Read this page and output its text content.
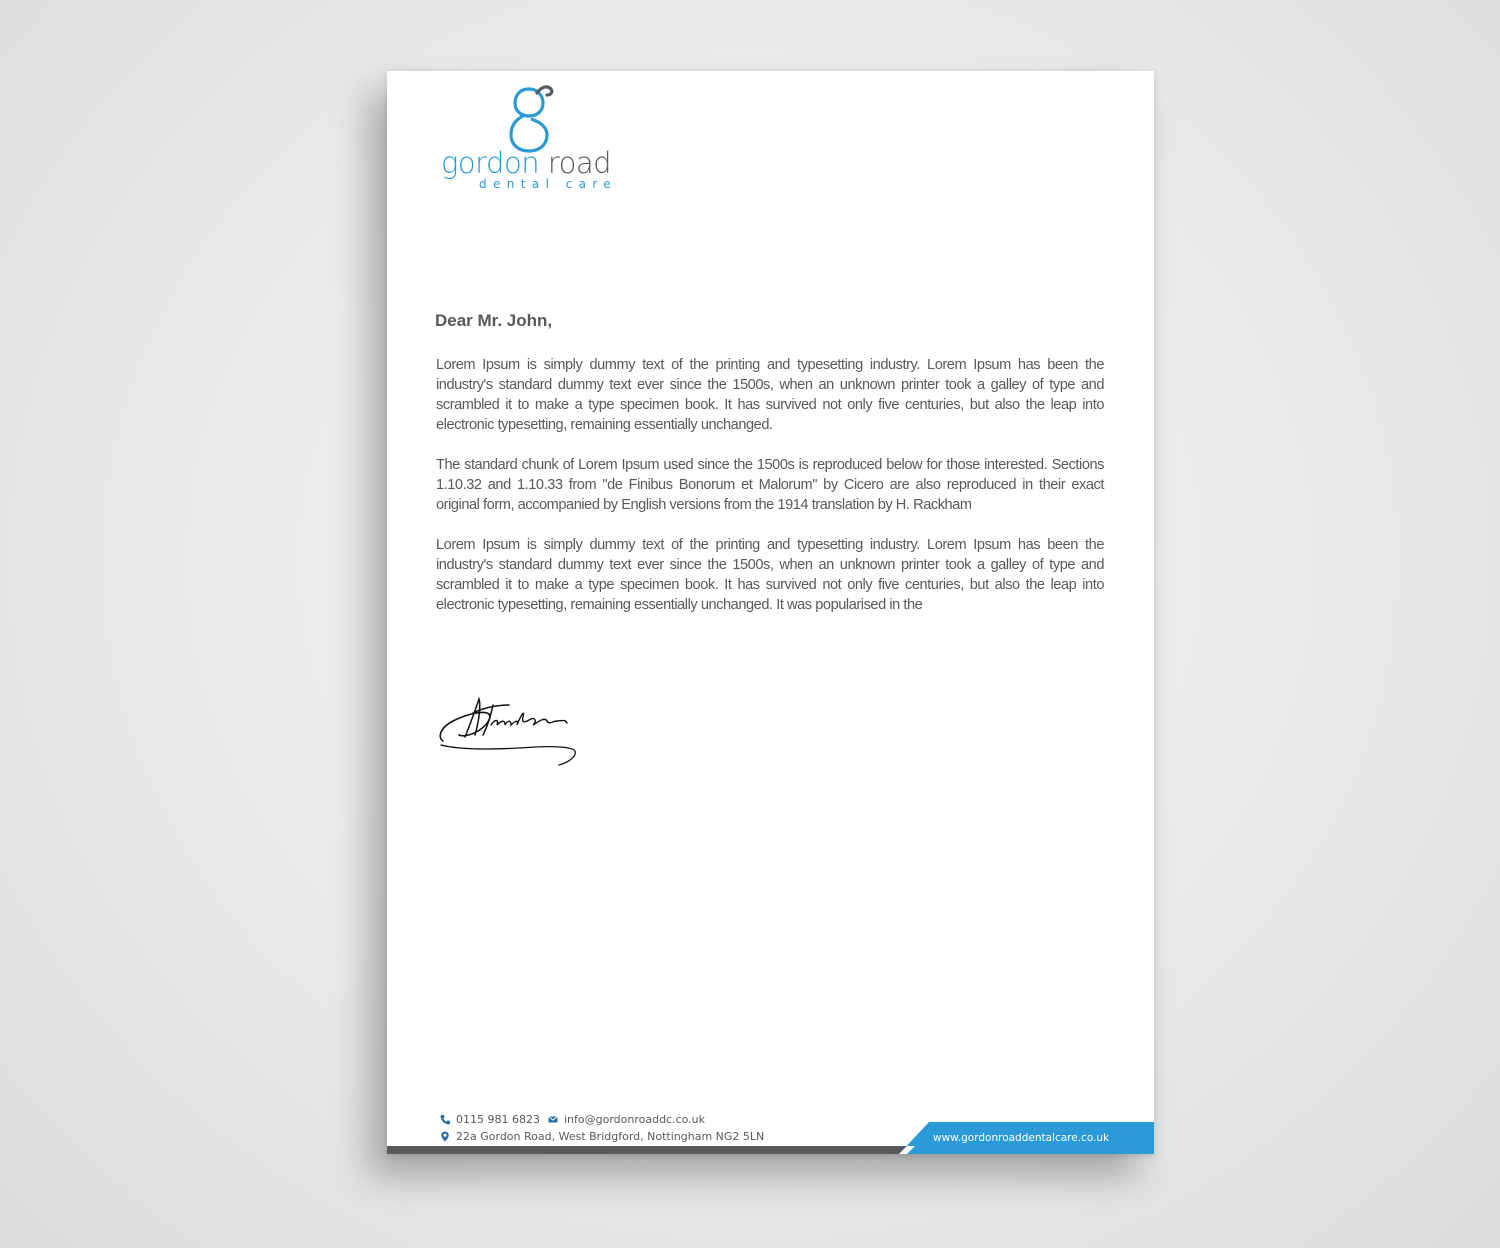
gordon road
dental care
Dear Mr. John,

Lorem Ipsum is simply dummy text of the printing and typesetting industry. Lorem Ipsum has been the industry's standard dummy text ever since the 1500s, when an unknown printer took a galley of type and scrambled it to make a type specimen book. It has survived not only five centuries, but also the leap into electronic typesetting, remaining essentially unchanged.

The standard chunk of Lorem Ipsum used since the 1500s is reproduced below for those interested. Sections 1.10.32 and 1.10.33 from "de Finibus Bonorum et Malorum" by Cicero are also reproduced in their exact original form, accompanied by English versions from the 1914 translation by H. Rackham

Lorem Ipsum is simply dummy text of the printing and typesetting industry. Lorem Ipsum has been the industry's standard dummy text ever since the 1500s, when an unknown printer took a galley of type and scrambled it to make a type specimen book. It has survived not only five centuries, but also the leap into electronic typesetting, remaining essentially unchanged. It was popularised in the

0115 981 6823 info@gordonroaddc.co.uk
22a Gordon Road, West Bridgford, Nottingham NG2 5LN	www.gordonroaddentalcare.co.uk
